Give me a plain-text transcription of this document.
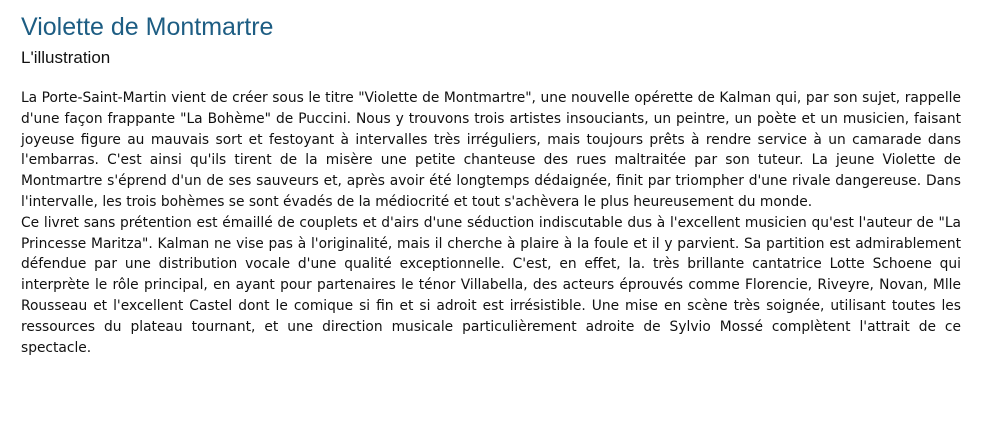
Violette de Montmartre
L'illustration

La Porte-Saint-Martin vient de créer sous le titre "Violette de Montmartre", une nouvelle opérette de Kalman qui, par son sujet, rappelle d'une façon frappante "La Bohème" de Puccini. Nous y trouvons trois artistes insouciants, un peintre, un poète et un musicien, faisant joyeuse figure au mauvais sort et festoyant à intervalles très irréguliers, mais toujours prêts à rendre service à un camarade dans l'embarras. C'est ainsi qu'ils tirent de la misère une petite chanteuse des rues maltraitée par son tuteur. La jeune Violette de Montmartre s'éprend d'un de ses sauveurs et, après avoir été longtemps dédaignée, finit par triompher d'une rivale dangereuse. Dans l'intervalle, les trois bohèmes se sont évadés de la médiocrité et tout s'achèvera le plus heureusement du monde.

Ce livret sans prétention est émaillé de couplets et d'airs d'une séduction indiscutable dus à l'excellent musicien qu'est l'auteur de "La Princesse Maritza". Kalman ne vise pas à l'originalité, mais il cherche à plaire à la foule et il y parvient. Sa partition est admirablement défendue par une distribution vocale d'une qualité exceptionnelle. C'est, en effet, la. très brillante cantatrice Lotte Schoene qui interprète le rôle principal, en ayant pour partenaires le ténor Villabella, des acteurs éprouvés comme Florencie, Riveyre, Novan, Mlle Rousseau et l'excellent Castel dont le comique si fin et si adroit est irrésistible. Une mise en scène très soignée, utilisant toutes les ressources du plateau tournant, et une direction musicale particulièrement adroite de Sylvio Mossé complètent l'attrait de ce spectacle.
